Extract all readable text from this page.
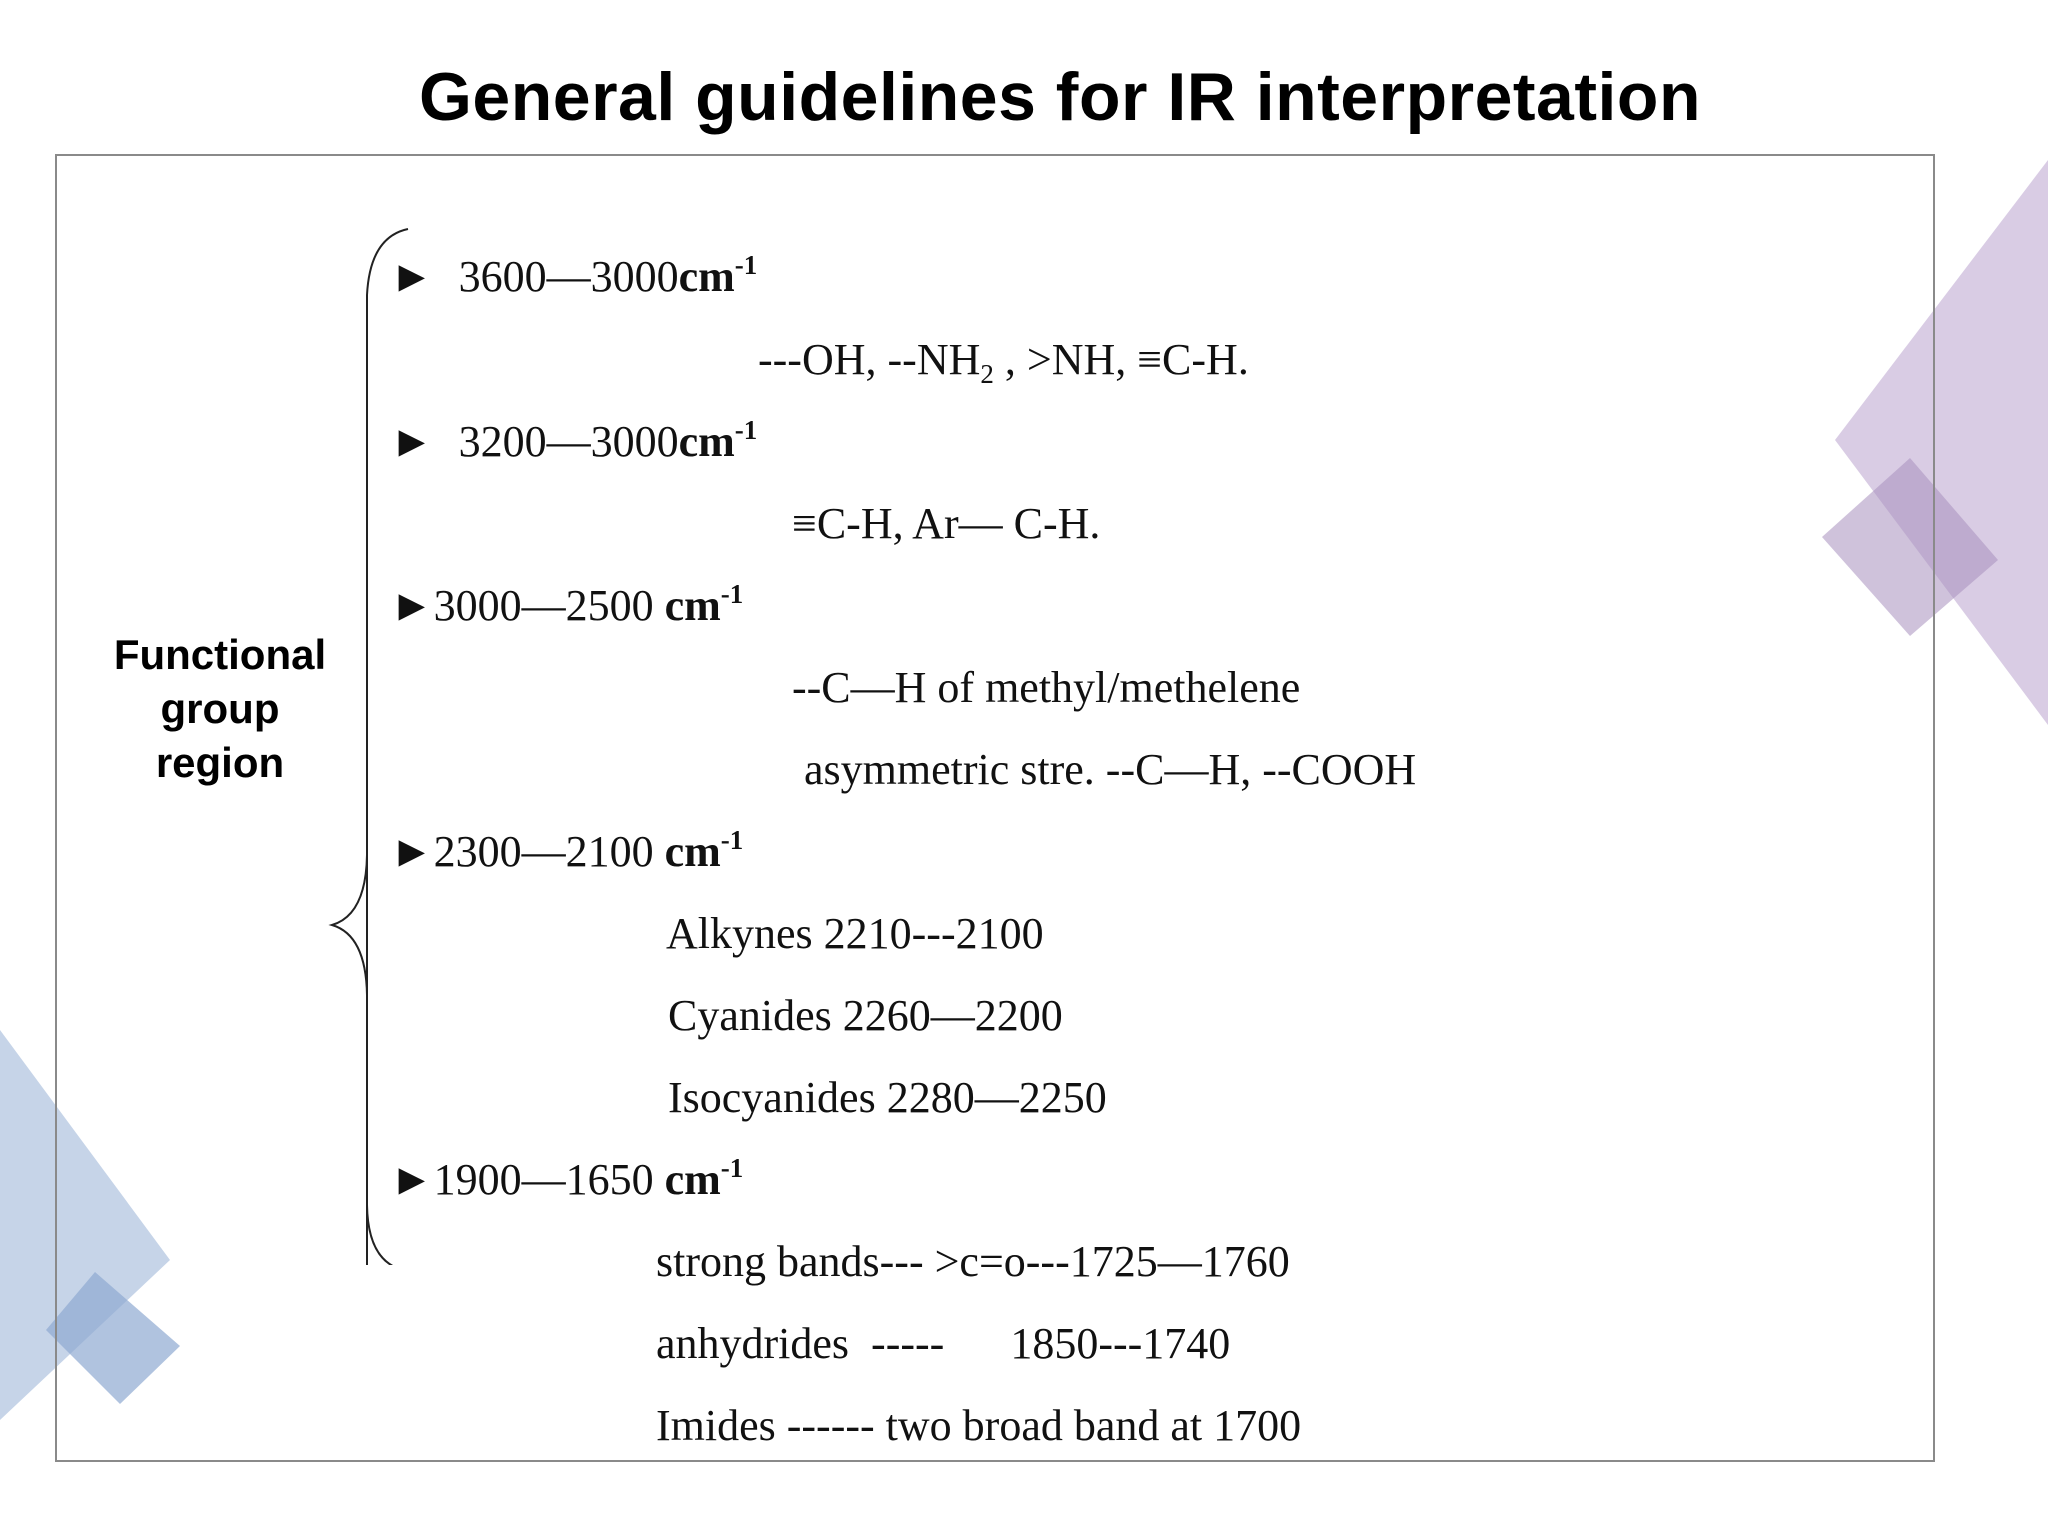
General guidelines for IR interpretation
Functional
group
region
► $3600—3000cm^{-1}$
---OH, $--NH_2$ , >NH, ≡C-H.
► $3200—3000cm^{-1}$
≡C-H, Ar— C-H.
►3000—2500 $cm^{-1}$
--C—H of methyl/methelene
asymmetric stre. --C—H, --COOH
►2300—2100 $cm^{-1}$
Alkynes 2210---2100
Cyanides 2260—2200
Isocyanides 2280—2250
►1900—1650 $cm^{-1}$
strong bands--- >c=o---1725—1760
anhydrides  -----      1850---1740
Imides ------ two broad band at 1700
